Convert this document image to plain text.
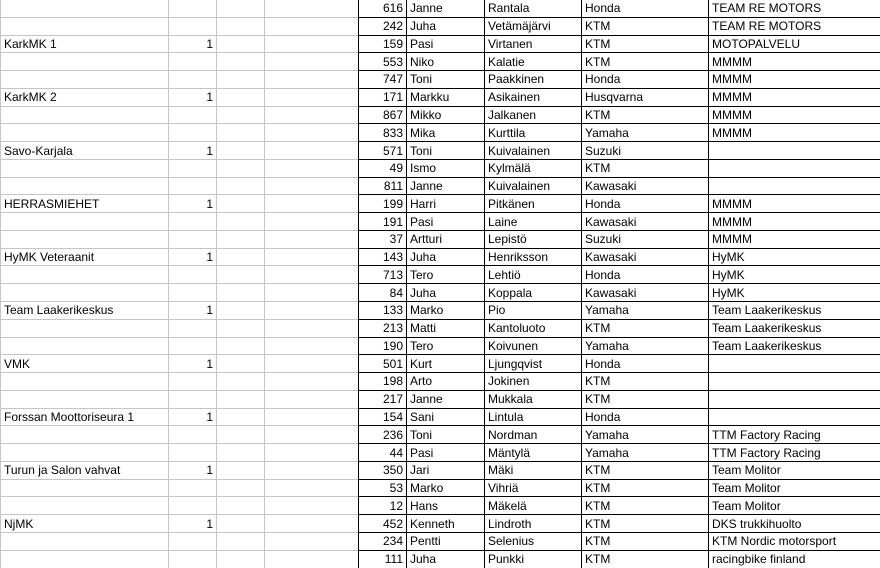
				616	Janne	Rantala	Honda	TEAM RE MOTORS
				242	Juha	Vetämäjärvi	KTM	TEAM RE MOTORS
KarkMK 1	1			159	Pasi	Virtanen	KTM	MOTOPALVELU
				553	Niko	Kalatie	KTM	MMMM
				747	Toni	Paakkinen	Honda	MMMM
KarkMK 2	1			171	Markku	Asikainen	Husqvarna	MMMM
				867	Mikko	Jalkanen	KTM	MMMM
				833	Mika	Kurttila	Yamaha	MMMM
Savo-Karjala	1			571	Toni	Kuivalainen	Suzuki	
				49	Ismo	Kylmälä	KTM	
				811	Janne	Kuivalainen	Kawasaki	
HERRASMIEHET	1			199	Harri	Pitkänen	Honda	MMMM
				191	Pasi	Laine	Kawasaki	MMMM
				37	Artturi	Lepistö	Suzuki	MMMM
HyMK Veteraanit	1			143	Juha	Henriksson	Kawasaki	HyMK
				713	Tero	Lehtiö	Honda	HyMK
				84	Juha	Koppala	Kawasaki	HyMK
Team Laakerikeskus	1			133	Marko	Pio	Yamaha	Team Laakerikeskus
				213	Matti	Kantoluoto	KTM	Team Laakerikeskus
				190	Tero	Koivunen	Yamaha	Team Laakerikeskus
VMK	1			501	Kurt	Ljungqvist	Honda	
				198	Arto	Jokinen	KTM	
				217	Janne	Mukkala	KTM	
Forssan Moottoriseura 1	1			154	Sani	Lintula	Honda	
				236	Toni	Nordman	Yamaha	TTM Factory Racing
				44	Pasi	Mäntylä	Yamaha	TTM Factory Racing
Turun ja Salon vahvat	1			350	Jari	Mäki	KTM	Team Molitor
				53	Marko	Vihriä	KTM	Team Molitor
				12	Hans	Mäkelä	KTM	Team Molitor
NjMK	1			452	Kenneth	Lindroth	KTM	DKS trukkihuolto
				234	Pentti	Selenius	KTM	KTM Nordic motorsport
				111	Juha	Punkki	KTM	racingbike finland
